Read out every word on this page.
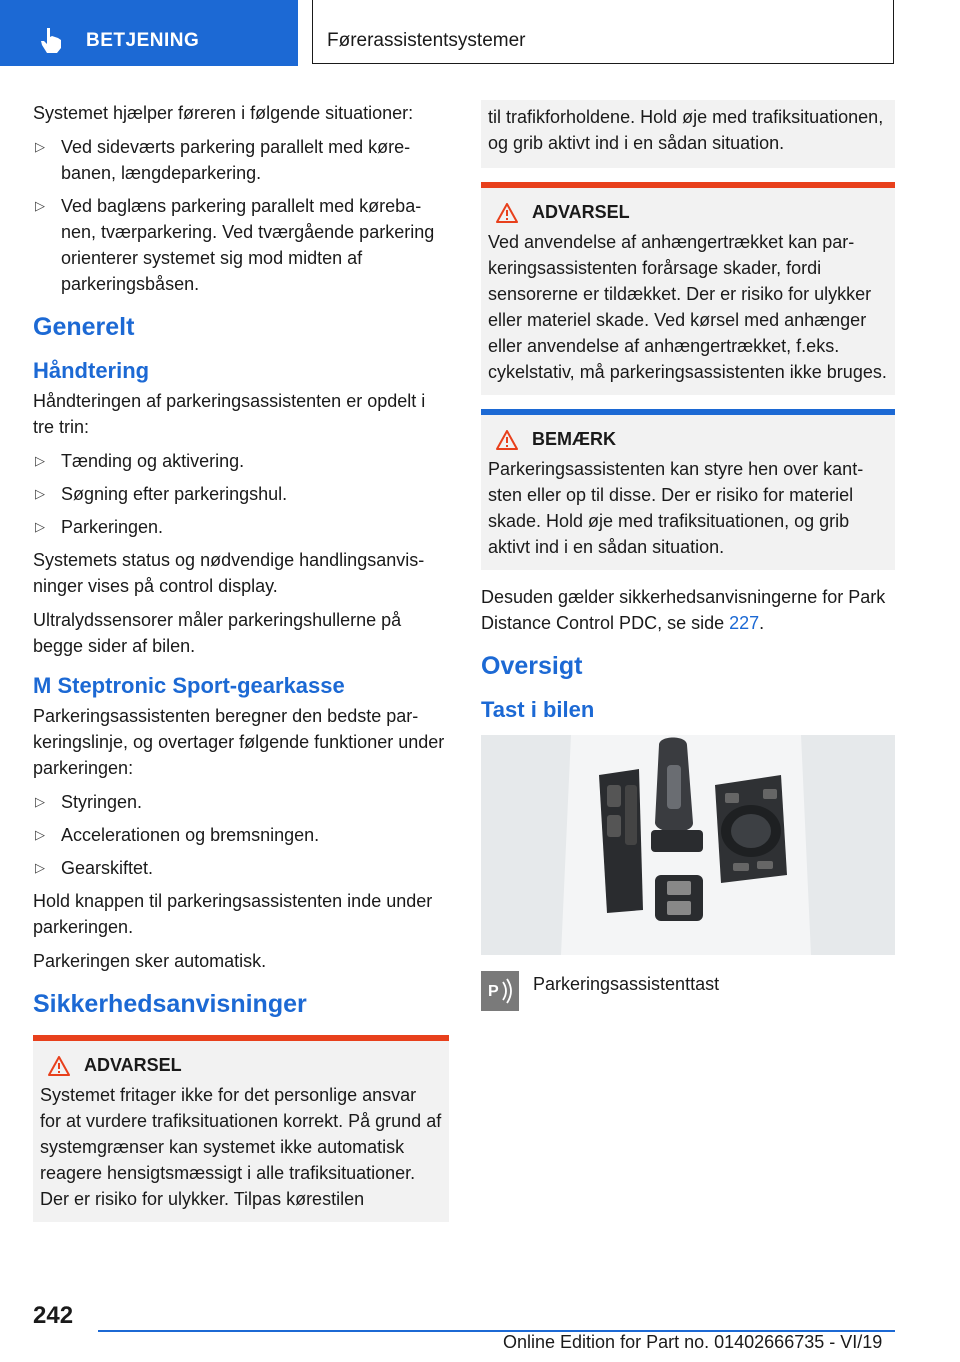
BETJENING	Førerassistentsystemer

Systemet hjælper føreren i følgende situationer:

▷ Ved sideværts parkering parallelt med kørebanen, længdeparkering.
▷ Ved baglæns parkering parallelt med kørebanen, tværparkering. Ved tværgående parkering orienterer systemet sig mod midten af parkeringsbåsen.
Generelt
Håndtering

Håndteringen af parkeringsassistenten er opdelt i tre trin:

▷ Tænding og aktivering.
▷ Søgning efter parkeringshul.
▷ Parkeringen.

Systemets status og nødvendige handlingsanvisninger vises på control display.

Ultralydssensorer måler parkeringshullerne på begge sider af bilen.

M Steptronic Sport-gearkasse

Parkeringsassistenten beregner den bedste parkeringslinje, og overtager følgende funktioner under parkeringen:

▷ Styringen.
▷ Accelerationen og bremsningen.
▷ Gearskiftet.

Hold knappen til parkeringsassistenten inde under parkeringen.

Parkeringen sker automatisk.

Sikkerhedsanvisninger
ADVARSEL

Systemet fritager ikke for det personlige ansvar for at vurdere trafiksituationen korrekt. På grund af systemgrænser kan systemet ikke automatisk reagere hensigtsmæssigt i alle trafiksituationer. Der er risiko for ulykker. Tilpas kørestilen

til trafikforholdene. Hold øje med trafiksituationen, og grib aktivt ind i en sådan situation.

ADVARSEL

Ved anvendelse af anhængertrækket kan parkeringsassistenten forårsage skader, fordi sensorerne er tildækket. Der er risiko for ulykker eller materiel skade. Ved kørsel med anhænger eller anvendelse af anhængertrækket, f.eks. cykelstativ, må parkeringsassistenten ikke bruges.

BEMÆRK

Parkeringsassistenten kan styre hen over kantsten eller op til disse. Der er risiko for materiel skade. Hold øje med trafiksituationen, og grib aktivt ind i en sådan situation.

Desuden gælder sikkerhedsanvisningerne for Park Distance Control PDC, se side 227.

Oversigt
Tast i bilen
P Parkeringsassistenttast
242
Online Edition for Part no. 01402666735 - VI/19
